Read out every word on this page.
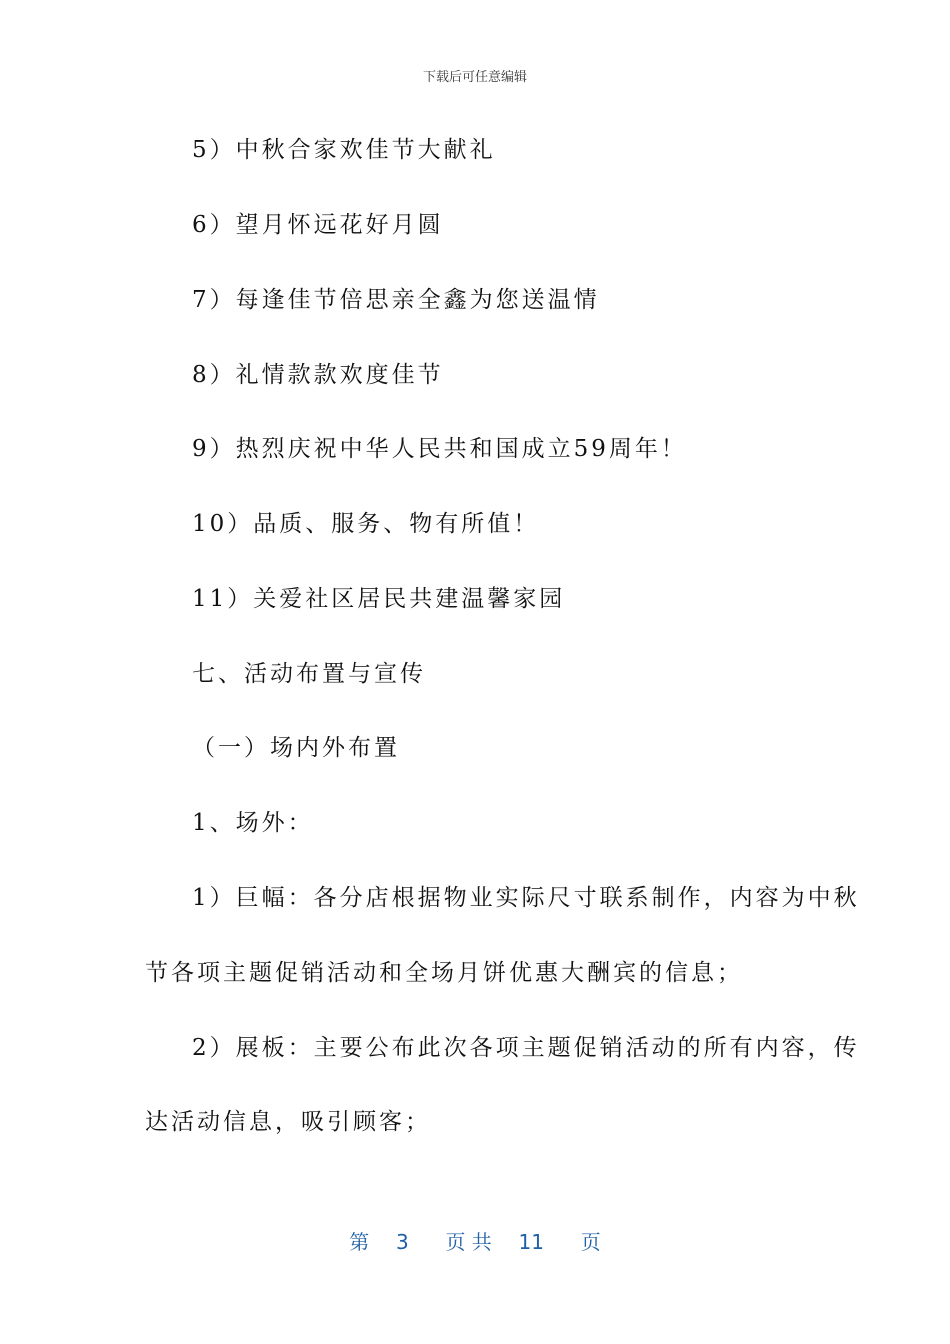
下载后可任意编辑
5）中秋合家欢佳节大献礼
6）望月怀远花好月圆
7）每逢佳节倍思亲全鑫为您送温情
8）礼情款款欢度佳节
9）热烈庆祝中华人民共和国成立59周年！
10）品质、服务、物有所值！
11）关爱社区居民共建温馨家园
七、活动布置与宣传
（一）场内外布置
1、场外：
1）巨幅：各分店根据物业实际尺寸联系制作，内容为中秋
节各项主题促销活动和全场月饼优惠大酬宾的信息；
2）展板：主要公布此次各项主题促销活动的所有内容，传
达活动信息，吸引顾客；
第 3 页 共 11 页
